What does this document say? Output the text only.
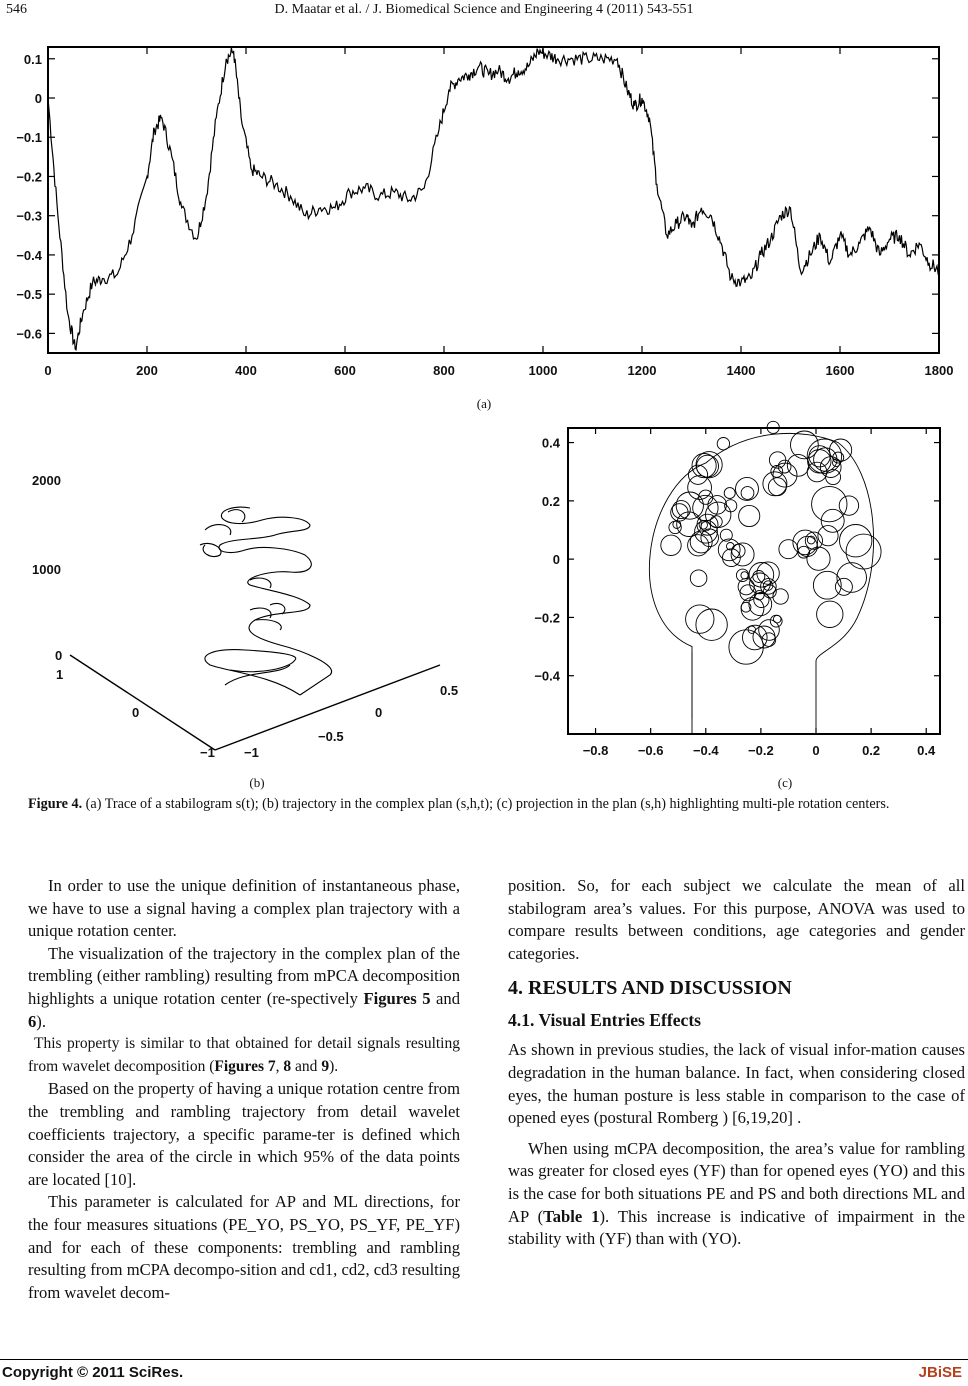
546	D. Maatar et al. / J. Biomedical Science and Engineering 4 (2011) 543-551
0	200	400	600	800	1000	1200	1400	1600	1800
0.1
0
−0.1
−0.2
−0.3
−0.4
−0.5
−0.6
(a)
2000
1000
0
1
0
−1 −1
−0.5
0
0.5
(b)
−0.8 −0.6 −0.4 −0.2	0	0.2	0.4
0.4
0.2
0
−0.2
−0.4
(c)
Figure 4. (a) Trace of a stabilogram s(t); (b) trajectory in the complex plan (s,h,t); (c) projection in the plan (s,h) highlighting multi-ple rotation centers.

In order to use the unique definition of instantaneous phase, we have to use a signal having a complex plan trajectory with a unique rotation center.

The visualization of the trajectory in the complex plan of the trembling (either rambling) resulting from mPCA decomposition highlights a unique rotation center (re-spectively Figures 5 and 6).

This property is similar to that obtained for detail signals resulting from wavelet decomposition (Figures 7, 8 and 9).

Based on the property of having a unique rotation centre from the trembling and rambling trajectory from detail wavelet coefficients trajectory, a specific parame-ter is defined which consider the area of the circle in which 95% of the data points are located [10].

This parameter is calculated for AP and ML directions, for the four measures situations (PE_YO, PS_YO, PS_YF, PE_YF) and for each of these components: trembling and rambling resulting from mCPA decompo-sition and cd1, cd2, cd3 resulting from wavelet decom-

position. So, for each subject we calculate the mean of all stabilogram area’s values. For this purpose, ANOVA was used to compare results between conditions, age categories and gender categories.

4. RESULTS AND DISCUSSION
4.1. Visual Entries Effects

As shown in previous studies, the lack of visual infor-mation causes degradation in the human balance. In fact, when considering closed eyes, the human posture is less stable in comparison to the case of opened eyes (postural Romberg ) [6,19,20] .

When using mCPA decomposition, the area’s value for rambling was greater for closed eyes (YF) than for opened eyes (YO) and this is the case for both situations PE and PS and both directions ML and AP (Table 1). This increase is indicative of impairment in the stability with (YF) than with (YO).

Copyright © 2011 SciRes.	JBiSE
